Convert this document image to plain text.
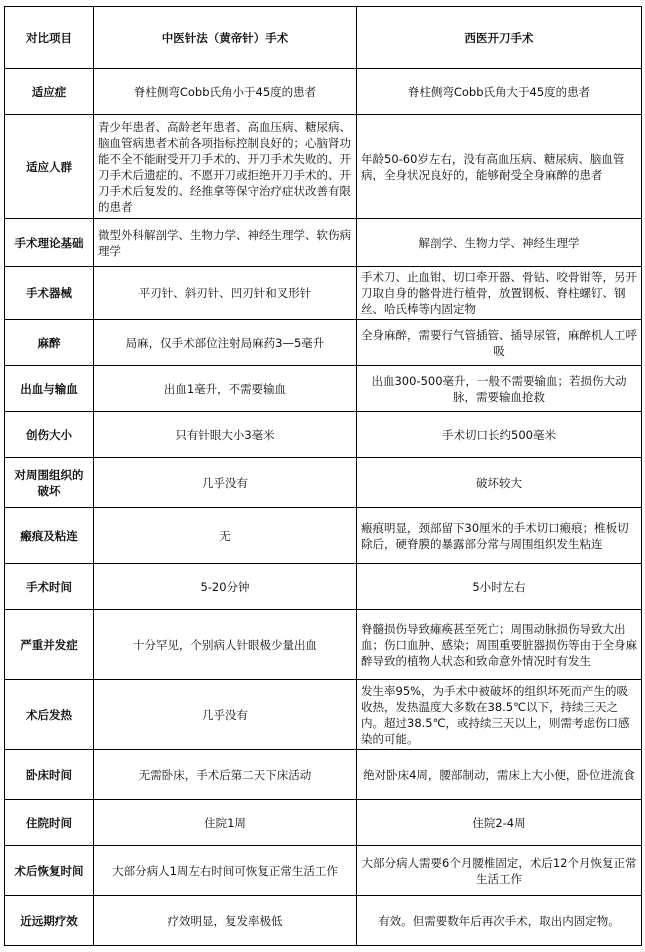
对比项目	中医针法（黄帝针）手术	西医开刀手术
适应症	脊柱侧弯Cobb氏角小于45度的患者	脊柱侧弯Cobb氏角大于45度的患者
适应人群	青少年患者、高龄老年患者、高血压病、糖尿病、脑血管病患者术前各项指标控制良好的；心脑肾功能不全不能耐受开刀手术的、开刀手术失败的、开刀手术后遗症的、不愿开刀或拒绝开刀手术的、开刀手术后复发的、经推拿等保守治疗症状改善有限的患者	年龄50-60岁左右，没有高血压病、糖尿病、脑血管病，全身状况良好的，能够耐受全身麻醉的患者
手术理论基础	微型外科解剖学、生物力学、神经生理学、软伤病理学	解剖学、生物力学、神经生理学
手术器械	平刃针、斜刃针、凹刃针和叉形针	手术刀、止血钳、切口牵开器、骨钻、咬骨钳等，另开刀取自身的髂骨进行植骨，放置钢板、脊柱螺钉、钢丝、哈氏棒等内固定物
麻醉	局麻，仅手术部位注射局麻药3—5毫升	全身麻醉，需要行气管插管、插导尿管，麻醉机人工呼吸
出血与输血	出血1毫升，不需要输血	出血300-500毫升，一般不需要输血；若损伤大动脉，需要输血抢救
创伤大小	只有针眼大小3毫米	手术切口长约500毫米
对周围组织的破坏	几乎没有	破坏较大
瘢痕及粘连	无	瘢痕明显，颈部留下30厘米的手术切口瘢痕；椎板切除后，硬脊膜的暴露部分常与周围组织发生粘连
手术时间	5-20分钟	5小时左右
严重并发症	十分罕见，个别病人针眼极少量出血	脊髓损伤导致瘫痪甚至死亡；周围动脉损伤导致大出血；伤口血肿、感染；周围重要脏器损伤等由于全身麻醉导致的植物人状态和致命意外情况时有发生
术后发热	几乎没有	发生率95%，为手术中被破坏的组织坏死而产生的吸收热，发热温度大多数在38.5℃以下，持续三天之内。超过38.5℃，或持续三天以上，则需考虑伤口感染的可能。
卧床时间	无需卧床，手术后第二天下床活动	绝对卧床4周，腰部制动，需床上大小便，卧位进流食
住院时间	住院1周	住院2-4周
术后恢复时间	大部分病人1周左右时间可恢复正常生活工作	大部分病人需要6个月腰椎固定，术后12个月恢复正常生活工作
近远期疗效	疗效明显，复发率极低	有效。但需要数年后再次手术，取出内固定物。
